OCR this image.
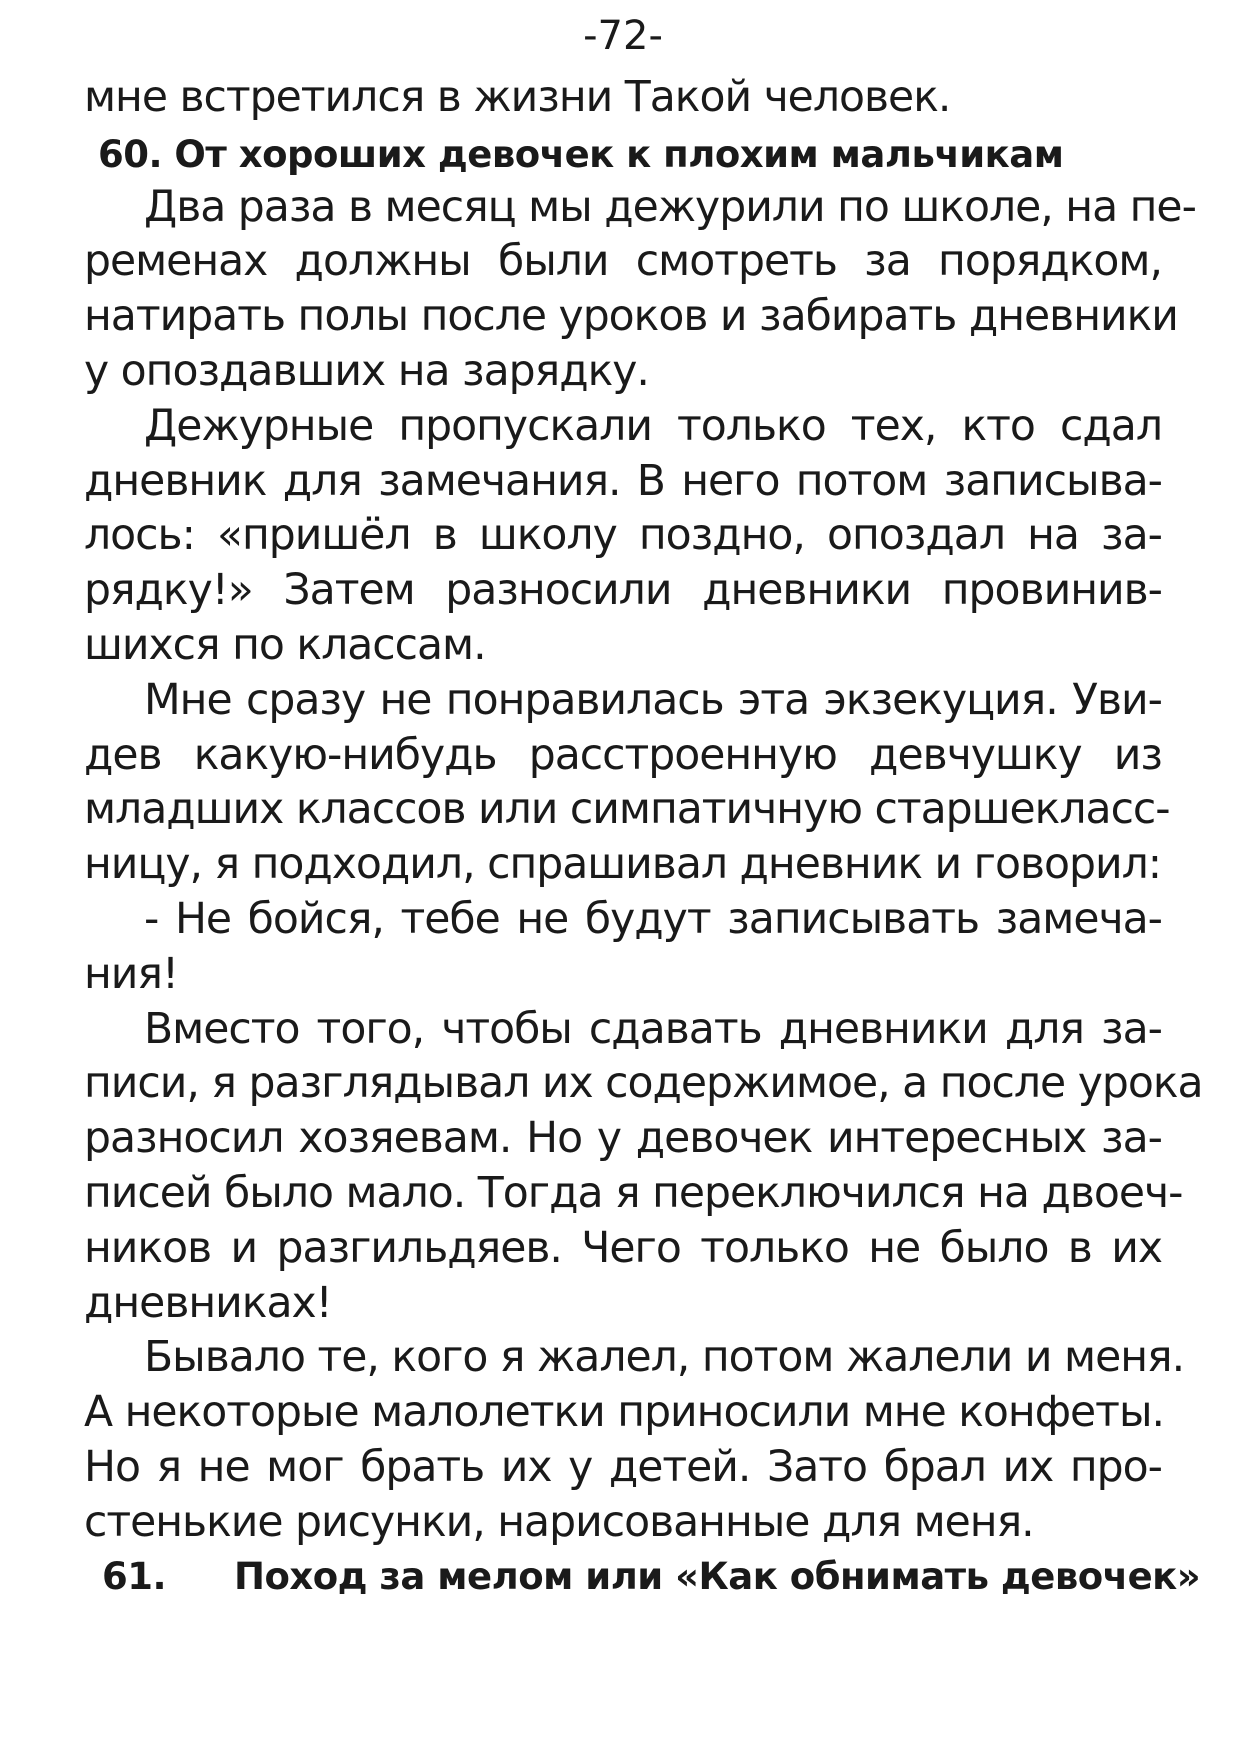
-72-
мне встретился в жизни Такой человек.
60. От хороших девочек к плохим мальчикам
Два раза в месяц мы дежурили по школе, на пе-
ременах должны были смотреть за порядком,
натирать полы после уроков и забирать дневники
у опоздавших на зарядку.
Дежурные пропускали только тех, кто сдал
дневник для замечания. В него потом записыва-
лось: «пришёл в школу поздно, опоздал на за-
рядку!» Затем разносили дневники провинив-
шихся по классам.
Мне сразу не понравилась эта экзекуция. Уви-
дев какую-нибудь расстроенную девчушку из
младших классов или симпатичную старшекласс-
ницу, я подходил, спрашивал дневник и говорил:
- Не бойся, тебе не будут записывать замеча-
ния!
Вместо того, чтобы сдавать дневники для за-
писи, я разглядывал их содержимое, а после урока
разносил хозяевам. Но у девочек интересных за-
писей было мало. Тогда я переключился на двоеч-
ников и разгильдяев. Чего только не было в их
дневниках!
Бывало те, кого я жалел, потом жалели и меня.
А некоторые малолетки приносили мне конфеты.
Но я не мог брать их у детей. Зато брал их про-
стенькие рисунки, нарисованные для меня.
61. Поход за мелом или «Как обнимать девочек»
